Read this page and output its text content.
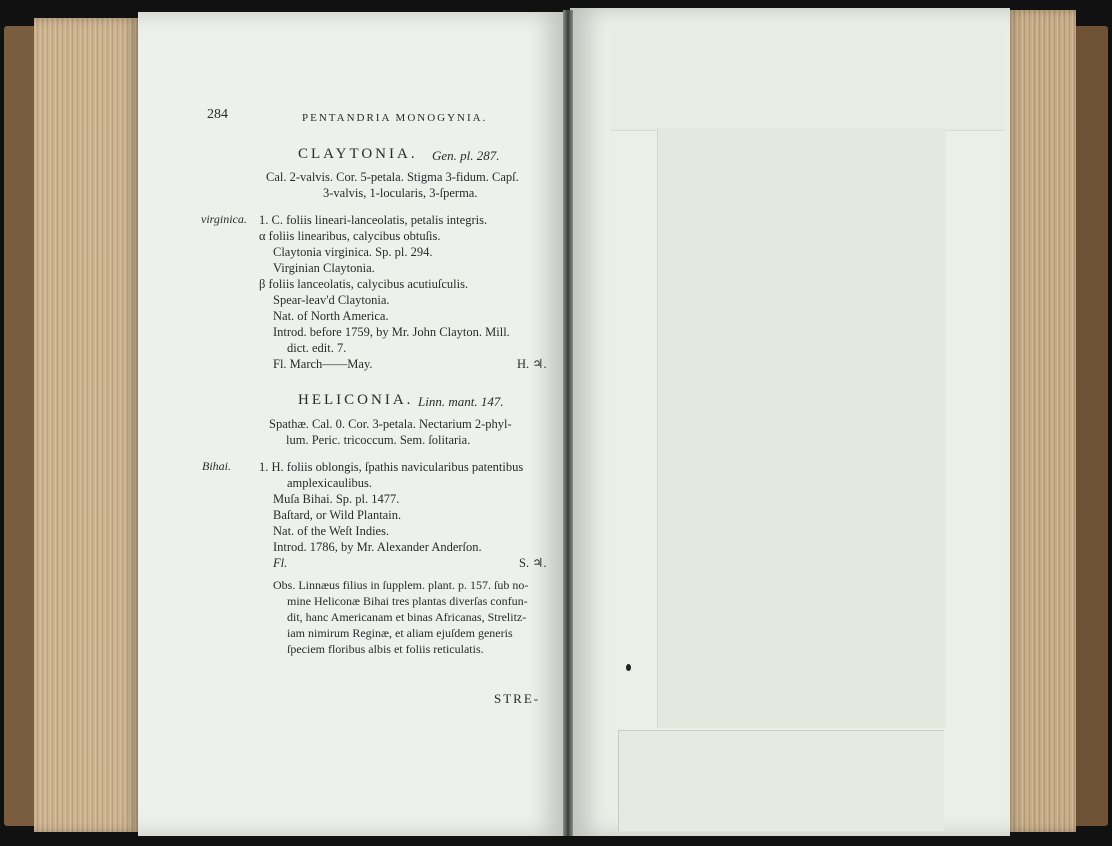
284	PENTANDRIA MONOGYNIA.
CLAYTONIA. Gen. pl. 287.
Cal. 2-valvis. Cor. 5-petala. Stigma 3-fidum. Capſ.
3-valvis, 1-locularis, 3-ſperma.
virginica. 1. C. foliis lineari-lanceolatis, petalis integris.
α foliis linearibus, calycibus obtuſis.
Claytonia virginica. Sp. pl. 294.
Virginian Claytonia.
β foliis lanceolatis, calycibus acutiuſculis.
Spear-leav'd Claytonia.
Nat. of North America.
Introd. before 1759, by Mr. John Clayton. Mill.
dict. edit. 7.
Fl. March——May.	H. ♃.
HELICONIA. Linn. mant. 147.
Spathæ. Cal. 0. Cor. 3-petala. Nectarium 2-phyl-
lum. Peric. tricoccum. Sem. ſolitaria.
Bihai. 1. H. foliis oblongis, ſpathis navicularibus patentibus
amplexicaulibus.
Muſa Bihai. Sp. pl. 1477.
Baſtard, or Wild Plantain.
Nat. of the Weſt Indies.
Introd. 1786, by Mr. Alexander Anderſon.
Fl.	S. ♃.
Obs. Linnæus filius in ſupplem. plant. p. 157. ſub no-
mine Heliconæ Bihai tres plantas diverſas confun-
dit, hanc Americanam et binas Africanas, Strelitz-
iam nimirum Reginæ, et aliam ejuſdem generis
ſpeciem floribus albis et foliis reticulatis.
STRE-
